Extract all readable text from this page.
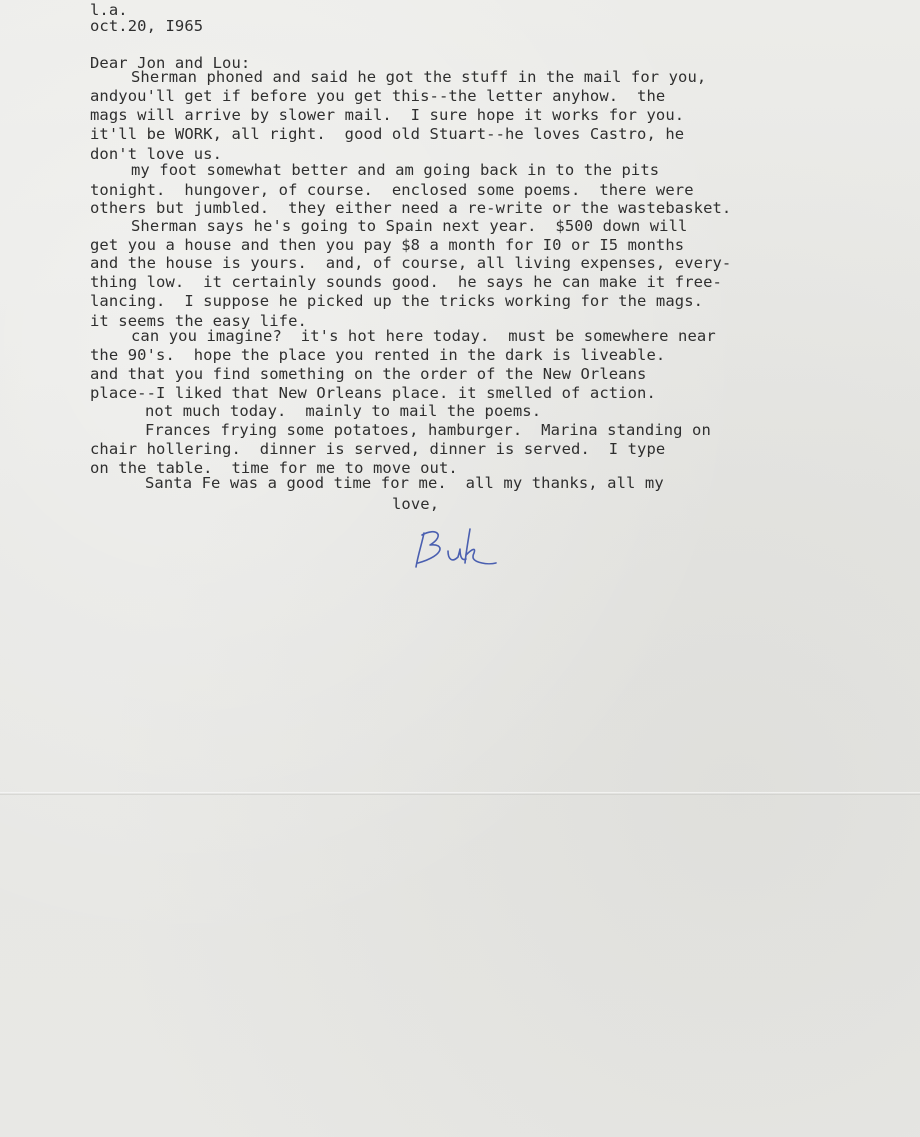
l.a.
oct.20, I965
Dear Jon and Lou:
Sherman phoned and said he got the stuff in the mail for you,
andyou'll get if before you get this--the letter anyhow.  the
mags will arrive by slower mail.  I sure hope it works for you.
it'll be WORK, all right.  good old Stuart--he loves Castro, he
don't love us.
my foot somewhat better and am going back in to the pits
tonight.  hungover, of course.  enclosed some poems.  there were
others but jumbled.  they either need a re-write or the wastebasket.
Sherman says he's going to Spain next year.  $500 down will
get you a house and then you pay $8 a month for I0 or I5 months
and the house is yours.  and, of course, all living expenses, every-
thing low.  it certainly sounds good.  he says he can make it free-
lancing.  I suppose he picked up the tricks working for the mags.
it seems the easy life.
can you imagine?  it's hot here today.  must be somewhere near
the 90's.  hope the place you rented in the dark is liveable.
and that you find something on the order of the New Orleans
place--I liked that New Orleans place. it smelled of action.
not much today.  mainly to mail the poems.
Frances frying some potatoes, hamburger.  Marina standing on
chair hollering.  dinner is served, dinner is served.  I type
on the table.  time for me to move out.
Santa Fe was a good time for me.  all my thanks, all my
love,
